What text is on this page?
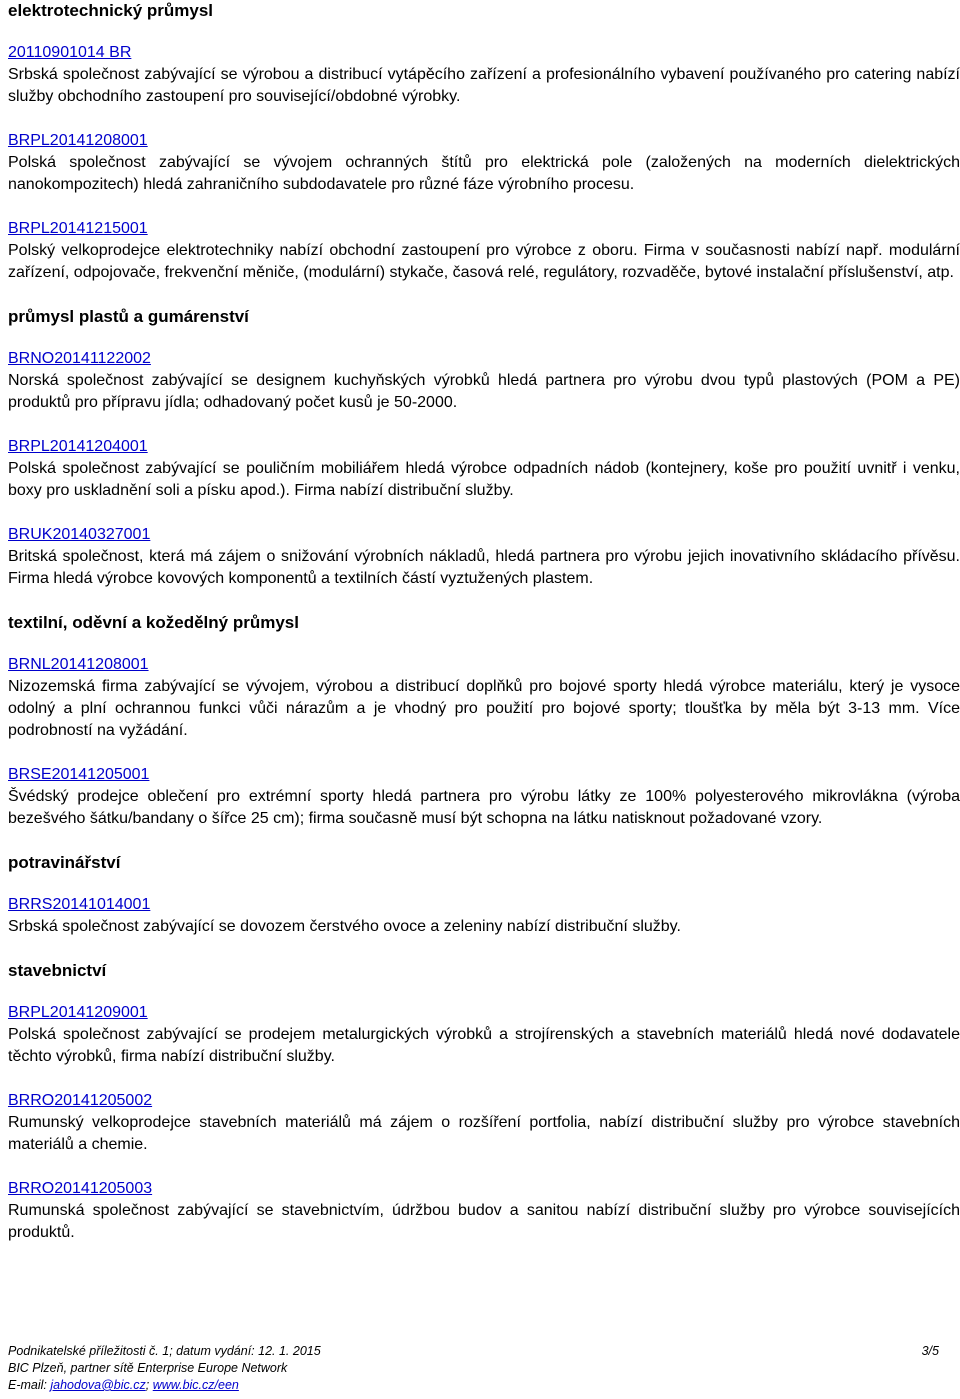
elektrotechnický průmysl
20110901014 BR

Srbská společnost zabývající se výrobou a distribucí vytápěcího zařízení a profesionálního vybavení používaného pro catering nabízí služby obchodního zastoupení pro související/obdobné výrobky.

BRPL20141208001

Polská společnost zabývající se vývojem ochranných štítů pro elektrická pole (založených na moderních dielektrických nanokompozitech) hledá zahraničního subdodavatele pro různé fáze výrobního procesu.

BRPL20141215001

Polský velkoprodejce elektrotechniky nabízí obchodní zastoupení pro výrobce z oboru. Firma v současnosti nabízí např. modulární zařízení, odpojovače, frekvenční měniče, (modulární) stykače, časová relé, regulátory, rozvaděče, bytové instalační příslušenství, atp.

průmysl plastů a gumárenství
BRNO20141122002

Norská společnost zabývající se designem kuchyňských výrobků hledá partnera pro výrobu dvou typů plastových (POM a PE) produktů pro přípravu jídla; odhadovaný počet kusů je 50-2000.

BRPL20141204001

Polská společnost zabývající se pouličním mobiliářem hledá výrobce odpadních nádob (kontejnery, koše pro použití uvnitř i venku, boxy pro uskladnění soli a písku apod.). Firma nabízí distribuční služby.

BRUK20140327001

Britská společnost, která má zájem o snižování výrobních nákladů, hledá partnera pro výrobu jejich inovativního skládacího přívěsu. Firma hledá výrobce kovových komponentů a textilních částí vyztužených plastem.

textilní, oděvní a kožedělný průmysl
BRNL20141208001

Nizozemská firma zabývající se vývojem, výrobou a distribucí doplňků pro bojové sporty hledá výrobce materiálu, který je vysoce odolný a plní ochrannou funkci vůči nárazům a je vhodný pro použití pro bojové sporty; tloušťka by měla být 3-13 mm. Více podrobností na vyžádání.

BRSE20141205001

Švédský prodejce oblečení pro extrémní sporty hledá partnera pro výrobu látky ze 100% polyesterového mikrovlákna (výroba bezešvého šátku/bandany o šířce 25 cm); firma současně musí být schopna na látku natisknout požadované vzory.

potravinářství
BRRS20141014001

Srbská společnost zabývající se dovozem čerstvého ovoce a zeleniny nabízí distribuční služby.

stavebnictví
BRPL20141209001

Polská společnost zabývající se prodejem metalurgických výrobků a strojírenských a stavebních materiálů hledá nové dodavatele těchto výrobků, firma nabízí distribuční služby.

BRRO20141205002

Rumunský velkoprodejce stavebních materiálů má zájem o rozšíření portfolia, nabízí distribuční služby pro výrobce stavebních materiálů a chemie.

BRRO20141205003

Rumunská společnost zabývající se stavebnictvím, údržbou budov a sanitou nabízí distribuční služby pro výrobce souvisejících produktů.

Podnikatelské příležitosti č. 1; datum vydání: 12. 1. 2015	3/5
BIC Plzeň, partner sítě Enterprise Europe Network
E-mail: jahodova@bic.cz; www.bic.cz/een
